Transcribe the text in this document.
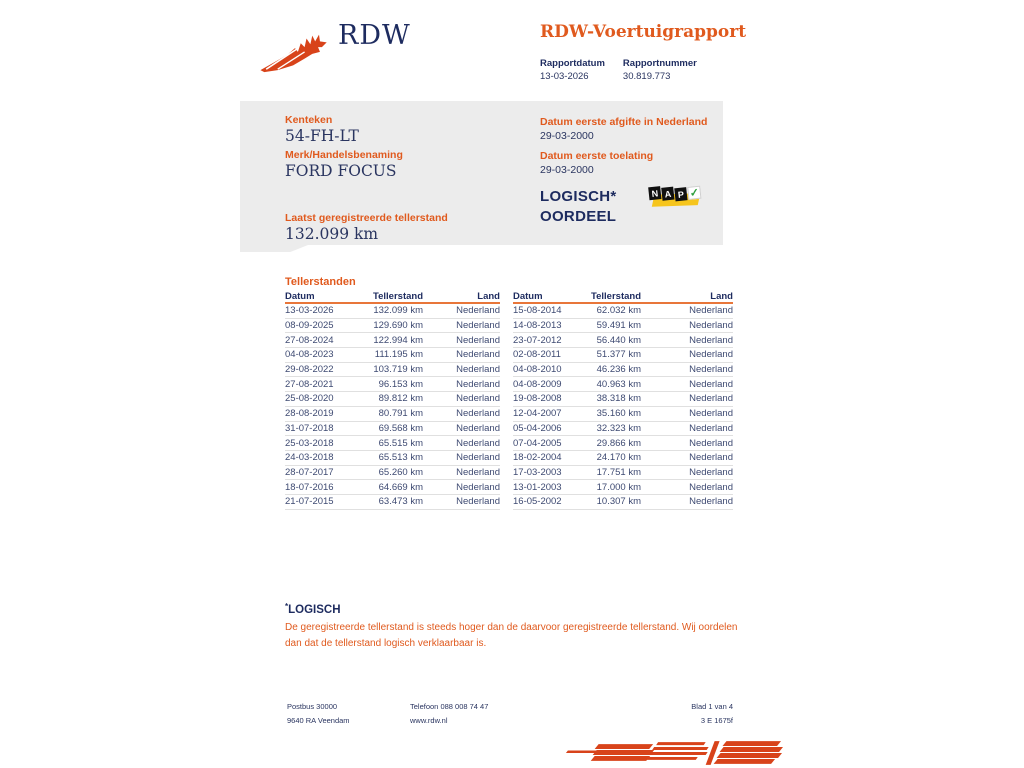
RDW	RDW-Voertuigrapport
Rapportdatum
13-03-2026
Rapportnummer
30.819.773
Kenteken
54-FH-LT
Merk/Handelsbenaming
FORD FOCUS
Laatst geregistreerde tellerstand
132.099 km
Datum eerste afgifte in Nederland
29-03-2000
Datum eerste toelating
29-03-2000
LOGISCH*
OORDEEL
N A P ✓
Tellerstanden
Datum	Tellerstand	Land
13-03-2026	132.099 km	Nederland
08-09-2025	129.690 km	Nederland
27-08-2024	122.994 km	Nederland
04-08-2023	111.195 km	Nederland
29-08-2022	103.719 km	Nederland
27-08-2021	96.153 km	Nederland
25-08-2020	89.812 km	Nederland
28-08-2019	80.791 km	Nederland
31-07-2018	69.568 km	Nederland
25-03-2018	65.515 km	Nederland
24-03-2018	65.513 km	Nederland
28-07-2017	65.260 km	Nederland
18-07-2016	64.669 km	Nederland
21-07-2015	63.473 km	Nederland
Datum	Tellerstand	Land
15-08-2014	62.032 km	Nederland
14-08-2013	59.491 km	Nederland
23-07-2012	56.440 km	Nederland
02-08-2011	51.377 km	Nederland
04-08-2010	46.236 km	Nederland
04-08-2009	40.963 km	Nederland
19-08-2008	38.318 km	Nederland
12-04-2007	35.160 km	Nederland
05-04-2006	32.323 km	Nederland
07-04-2005	29.866 km	Nederland
18-02-2004	24.170 km	Nederland
17-03-2003	17.751 km	Nederland
13-01-2003	17.000 km	Nederland
16-05-2002	10.307 km	Nederland
*LOGISCH
De geregistreerde tellerstand is steeds hoger dan de daarvoor geregistreerde tellerstand. Wij oordelen dan dat de tellerstand logisch verklaarbaar is.
Postbus 30000
9640 RA Veendam
Telefoon 088 008 74 47
www.rdw.nl
Blad 1 van 4
3 E 1675f
